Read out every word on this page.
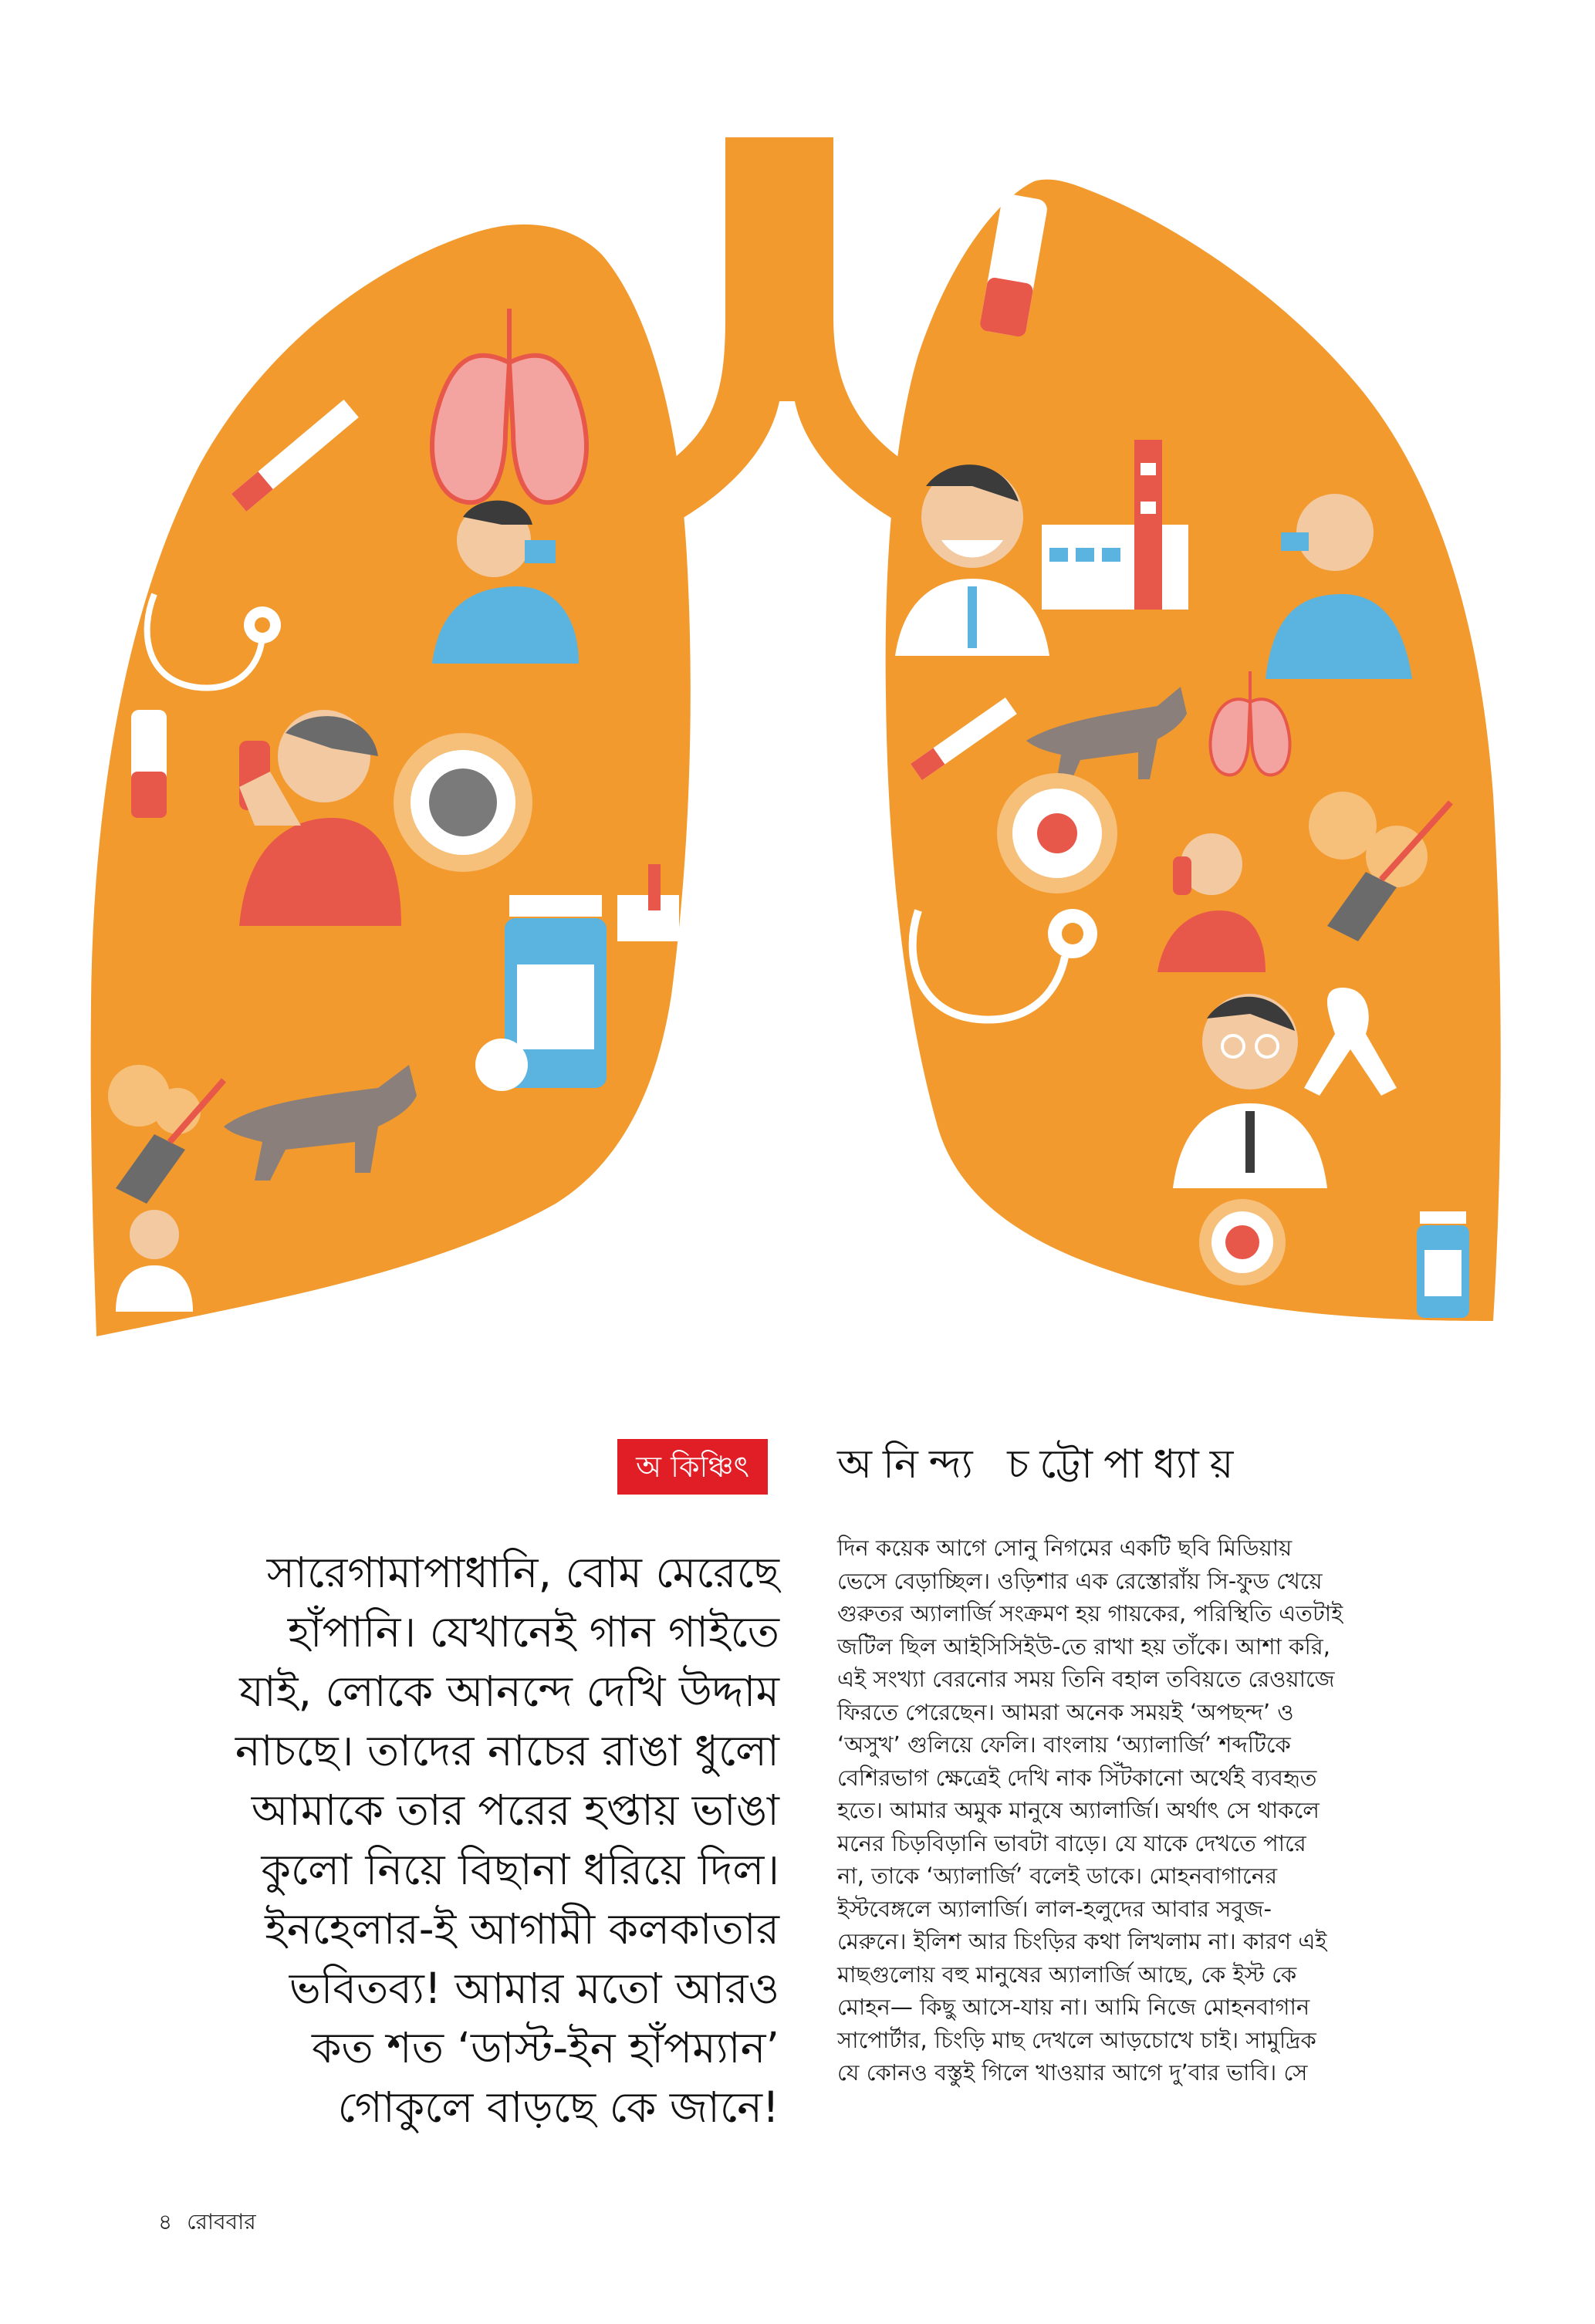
অ কিঞ্চিৎ	অনিন্দ্য চট্টোপাধ্যায়
সারেগামাপাধানি, বোম মেরেছে
হাঁপানি। যেখানেই গান গাইতে
যাই, লোকে আনন্দে দেখি উদ্দাম
নাচছে। তাদের নাচের রাঙা ধুলো
আমাকে তার পরের হপ্তায় ভাঙা
কুলো নিয়ে বিছানা ধরিয়ে দিল।
ইনহেলার-ই আগামী কলকাতার
ভবিতব্য! আমার মতো আরও
কত শত ‘ডাস্ট-ইন হাঁপম্যান’
গোকুলে বাড়ছে কে জানে!
দিন কয়েক আগে সোনু নিগমের একটি ছবি মিডিয়ায়
ভেসে বেড়াচ্ছিল। ওড়িশার এক রেস্তোরাঁয় সি-ফুড খেয়ে
গুরুতর অ্যালার্জি সংক্রমণ হয় গায়কের, পরিস্থিতি এতটাই
জটিল ছিল আইসিসিইউ-তে রাখা হয় তাঁকে। আশা করি,
এই সংখ্যা বেরনোর সময় তিনি বহাল তবিয়তে রেওয়াজে
ফিরতে পেরেছেন। আমরা অনেক সময়ই ‘অপছন্দ’ ও
‘অসুখ’ গুলিয়ে ফেলি। বাংলায় ‘অ্যালার্জি’ শব্দটিকে
বেশিরভাগ ক্ষেত্রেই দেখি নাক সিঁটকানো অর্থেই ব্যবহৃত
হতে। আমার অমুক মানুষে অ্যালার্জি। অর্থাৎ সে থাকলে
মনের চিড়বিড়ানি ভাবটা বাড়ে। যে যাকে দেখতে পারে
না, তাকে ‘অ্যালার্জি’ বলেই ডাকে। মোহনবাগানের
ইস্টবেঙ্গলে অ্যালার্জি। লাল-হলুদের আবার সবুজ-
মেরুনে। ইলিশ আর চিংড়ির কথা লিখলাম না। কারণ এই
মাছগুলোয় বহু মানুষের অ্যালার্জি আছে, কে ইস্ট কে
মোহন— কিছু আসে-যায় না। আমি নিজে মোহনবাগান
সাপোর্টার, চিংড়ি মাছ দেখলে আড়চোখে চাই। সামুদ্রিক
যে কোনও বস্তুই গিলে খাওয়ার আগে দু’বার ভাবি। সে
৪ রোববার
